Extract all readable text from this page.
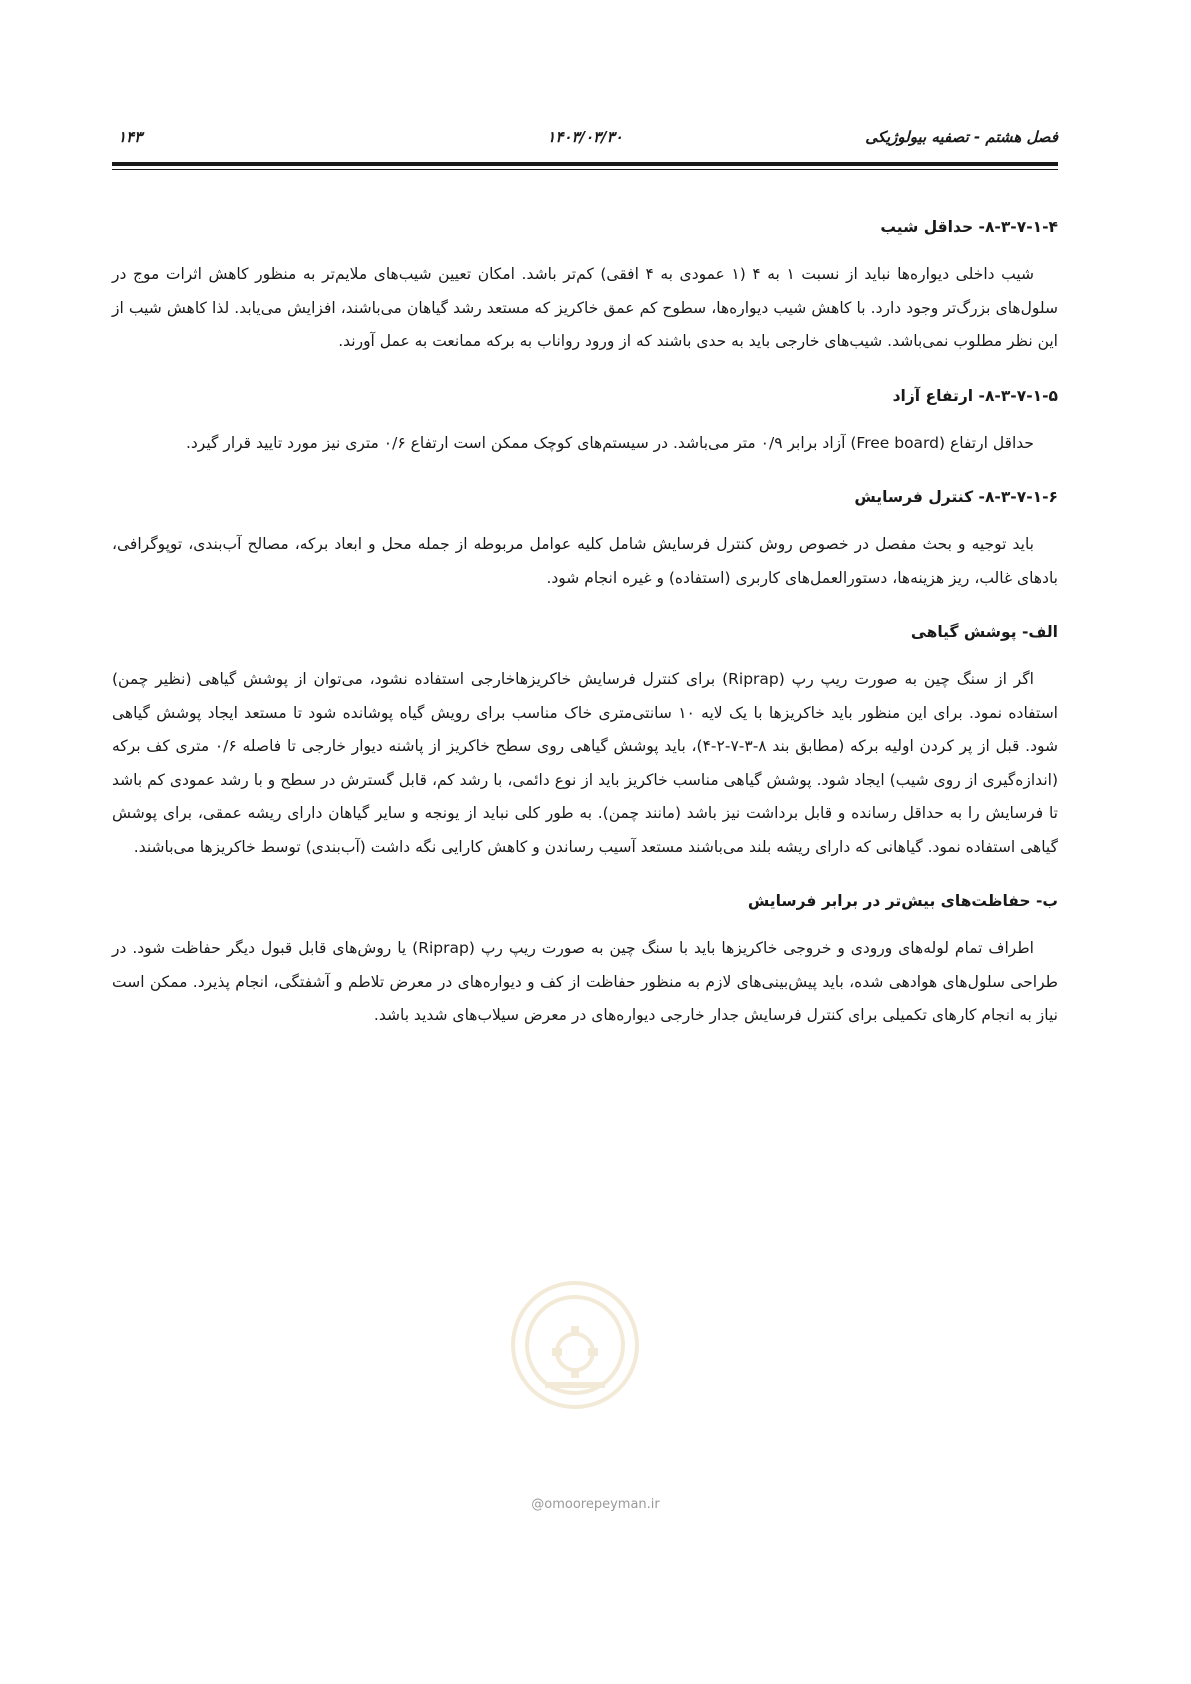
فصل هشتم - تصفیه بیولوژیکی
۱۴۰۳/۰۳/۳۰
۱۴۳
۸-۳-۷-۱-۴- حداقل شیب

شیب داخلی دیوارەها نباید از نسبت ۱ به ۴ (۱ عمودی به ۴ افقی) کم‌تر باشد. امکان تعیین شیب‌های ملایم‌تر به منظور کاهش اثرات موج در سلول‌های بزرگ‌تر وجود دارد. با کاهش شیب دیوارەها، سطوح کم عمق خاکریز که مستعد رشد گیاهان می‌باشند، افزایش می‌یابد. لذا کاهش شیب از این نظر مطلوب نمی‌باشد. شیب‌های خارجی باید به حدی باشند که از ورود رواناب به برکه ممانعت به عمل آورند.

۸-۳-۷-۱-۵- ارتفاع آزاد

حداقل ارتفاع (Free board) آزاد برابر ۰/۹ متر می‌باشد. در سیستم‌های کوچک ممکن است ارتفاع ۰/۶ متری نیز مورد تایید قرار گیرد.

۸-۳-۷-۱-۶- کنترل فرسایش

باید توجیه و بحث مفصل در خصوص روش کنترل فرسایش شامل کلیه عوامل مربوطه از جمله محل و ابعاد برکه، مصالح آب‌بندی، توپوگرافی، بادهای غالب، ریز هزینه‌ها، دستورالعمل‌های کاربری (استفاده) و غیره انجام شود.

الف- پوشش گیاهی

اگر از سنگ چین به صورت ریپ رپ (Riprap) برای کنترل فرسایش خاکریزهاخارجی استفاده نشود، می‌توان از پوشش گیاهی (نظیر چمن) استفاده نمود. برای این منظور باید خاکریزها با یک لایه ۱۰ سانتی‌متری خاک مناسب برای رویش گیاه پوشانده شود تا مستعد ایجاد پوشش گیاهی شود. قبل از پر کردن اولیه برکه (مطابق بند ۸-۳-۷-۲-۴)، باید پوشش گیاهی روی سطح خاکریز از پاشنه دیوار خارجی تا فاصله ۰/۶ متری کف برکه (اندازه‌گیری از روی شیب) ایجاد شود. پوشش گیاهی مناسب خاکریز باید از نوع دائمی، با رشد کم، قابل گسترش در سطح و با رشد عمودی کم باشد تا فرسایش را به حداقل رسانده و قابل برداشت نیز باشد (مانند چمن). به طور کلی نباید از یونجه و سایر گیاهان دارای ریشه عمقی، برای پوشش گیاهی استفاده نمود. گیاهانی که دارای ریشه بلند می‌باشند مستعد آسیب رساندن و کاهش کارایی نگه داشت (آب‌بندی) توسط خاکریزها می‌باشند.

ب- حفاظت‌های بیش‌تر در برابر فرسایش

اطراف تمام لوله‌های ورودی و خروجی خاکریزها باید با سنگ چین به صورت ریپ رپ (Riprap) یا روش‌های قابل قبول دیگر حفاظت شود. در طراحی سلول‌های هوادهی شده، باید پیش‌بینی‌های لازم به منظور حفاظت از کف و دیوارەهای در معرض تلاطم و آشفتگی، انجام پذیرد. ممکن است نیاز به انجام کارهای تکمیلی برای کنترل فرسایش جدار خارجی دیوارەهای در معرض سیلاب‌های شدید باشد.

@omoorepeyman.ir
